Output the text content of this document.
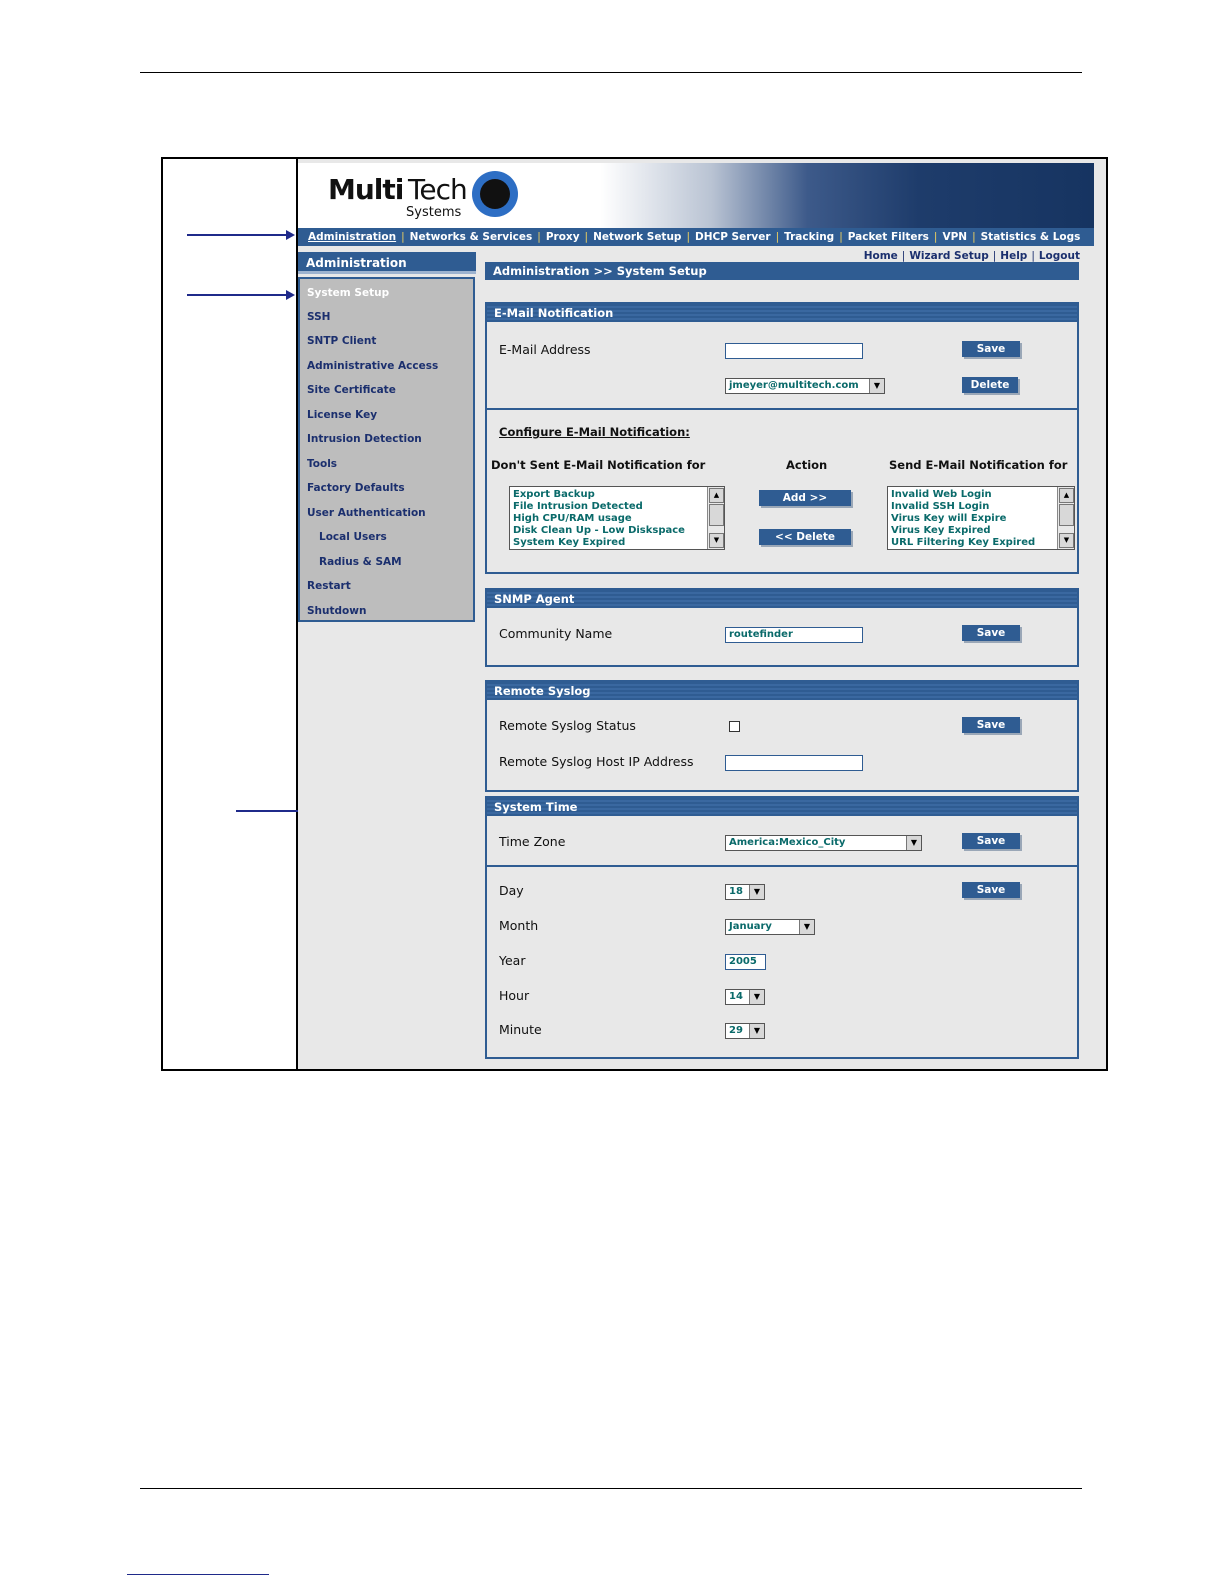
Multi Tech
Systems
Administration | Networks & Services | Proxy | Network Setup | DHCP Server | Tracking | Packet Filters | VPN | Statistics & Logs
Home | Wizard Setup | Help | Logout
Administration
System Setup
SSH
SNTP Client
Administrative Access
Site Certificate
License Key
Intrusion Detection
Tools
Factory Defaults
User Authentication
Local Users
Radius & SAM
Restart
Shutdown
Administration >> System Setup
E-Mail Notification
E-Mail Address	Save
jmeyer@multitech.com	▼	Delete
Configure E-Mail Notification:
Don't Sent E-Mail Notification for	Action	Send E-Mail Notification for
Export Backup
File Intrusion Detected
High CPU/RAM usage
Disk Clean Up - Low Diskspace
System Key Expired
▲
▼
Add >>
<< Delete
Invalid Web Login
Invalid SSH Login
Virus Key will Expire
Virus Key Expired
URL Filtering Key Expired
▲
▼
SNMP Agent
Community Name	routefinder	Save
Remote Syslog
Remote Syslog Status	Save
Remote Syslog Host IP Address
System Time
Time Zone	America:Mexico_City	▼	Save
Day	18	▼	Save
Month	January	▼
Year	2005
Hour	14	▼
Minute	29	▼
